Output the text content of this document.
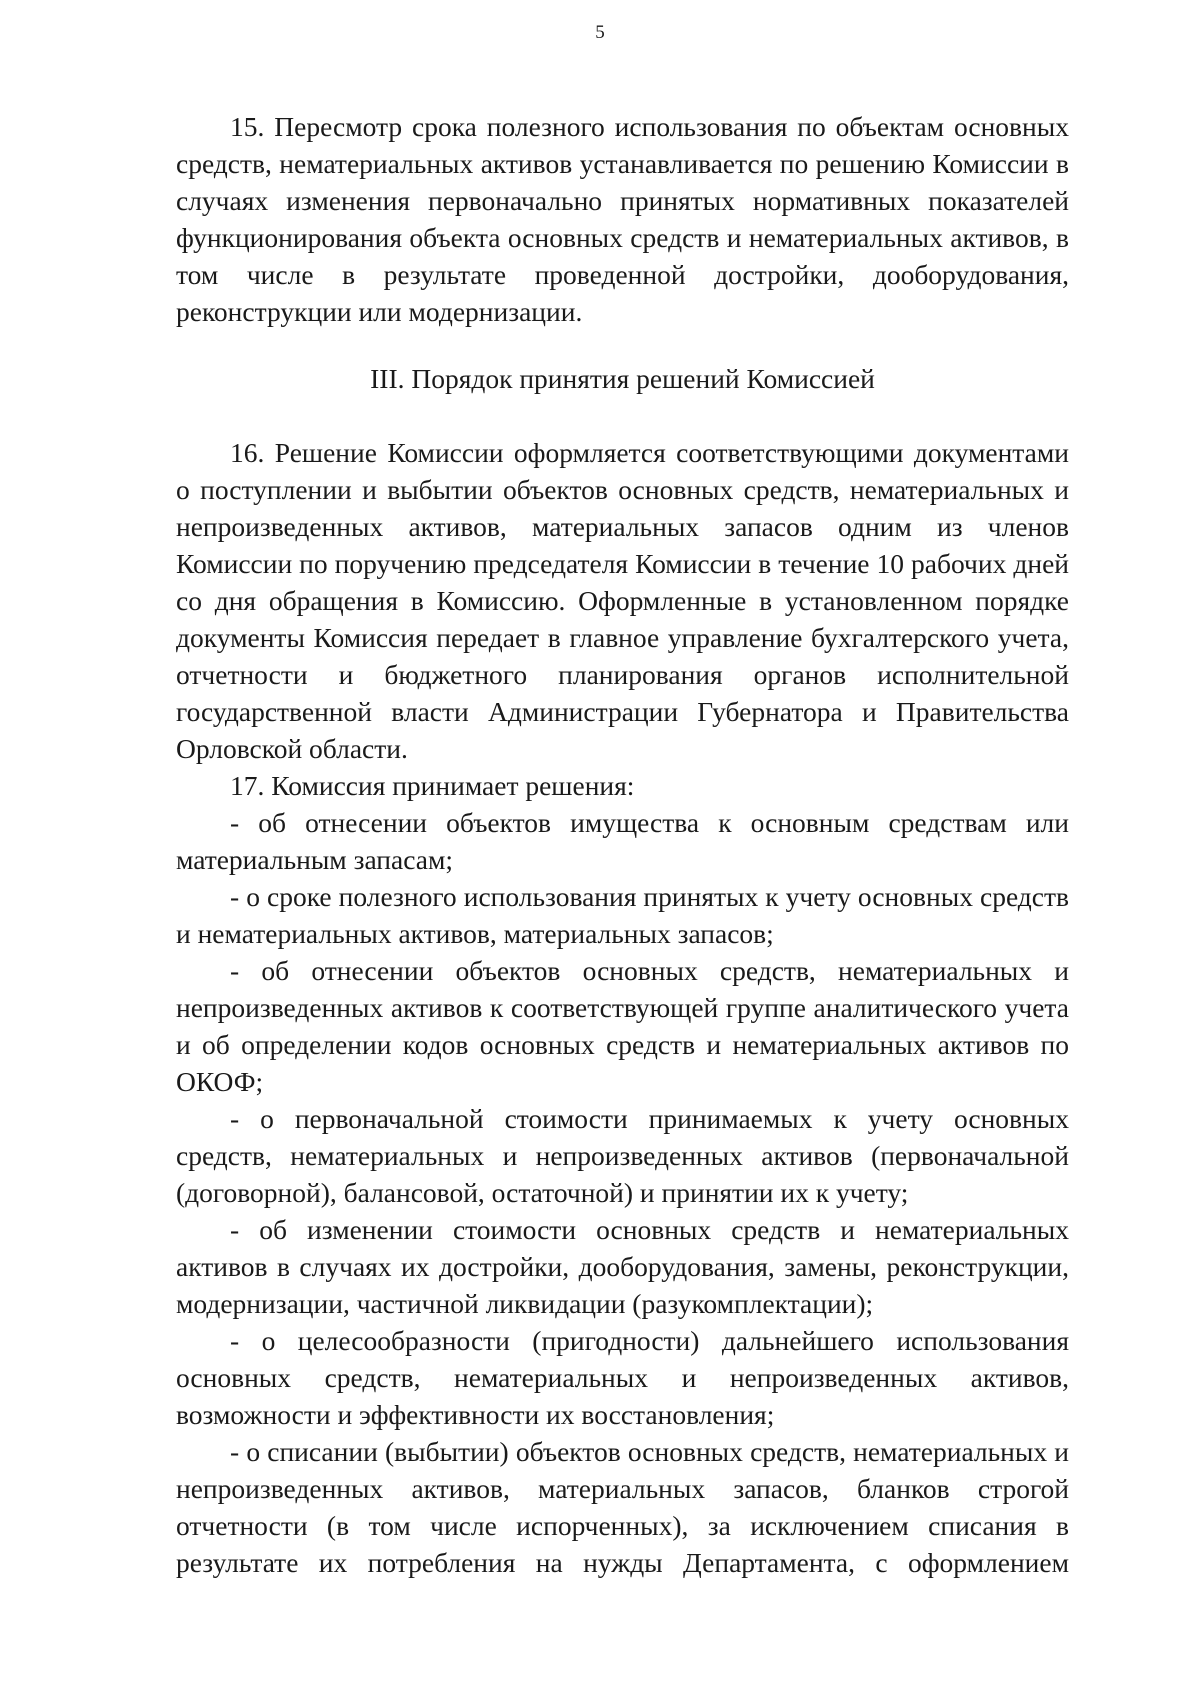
5

15. Пересмотр срока полезного использования по объектам основных средств, нематериальных активов устанавливается по решению Комиссии в случаях изменения первоначально принятых нормативных показателей функционирования объекта основных средств и нематериальных активов, в том числе в результате проведенной достройки, дооборудования, реконструкции или модернизации.

III. Порядок принятия решений Комиссией

16. Решение Комиссии оформляется соответствующими документами о поступлении и выбытии объектов основных средств, нематериальных и непроизведенных активов, материальных запасов одним из членов Комиссии по поручению председателя Комиссии в течение 10 рабочих дней со дня обращения в Комиссию. Оформленные в установленном порядке документы Комиссия передает в главное управление бухгалтерского учета, отчетности и бюджетного планирования органов исполнительной государственной власти Администрации Губернатора и Правительства Орловской области.

17. Комиссия принимает решения:

- об отнесении объектов имущества к основным средствам или материальным запасам;

- о сроке полезного использования принятых к учету основных средств и нематериальных активов, материальных запасов;

- об отнесении объектов основных средств, нематериальных и непроизведенных активов к соответствующей группе аналитического учета и об определении кодов основных средств и нематериальных активов по ОКОФ;

- о первоначальной стоимости принимаемых к учету основных средств, нематериальных и непроизведенных активов (первоначальной (договорной), балансовой, остаточной) и принятии их к учету;

- об изменении стоимости основных средств и нематериальных активов в случаях их достройки, дооборудования, замены, реконструкции, модернизации, частичной ликвидации (разукомплектации);

- о целесообразности (пригодности) дальнейшего использования основных средств, нематериальных и непроизведенных активов, возможности и эффективности их восстановления;

- о списании (выбытии) объектов основных средств, нематериальных и непроизведенных активов, материальных запасов, бланков строгой отчетности (в том числе испорченных), за исключением списания в результате их потребления на нужды Департамента, с оформлением
